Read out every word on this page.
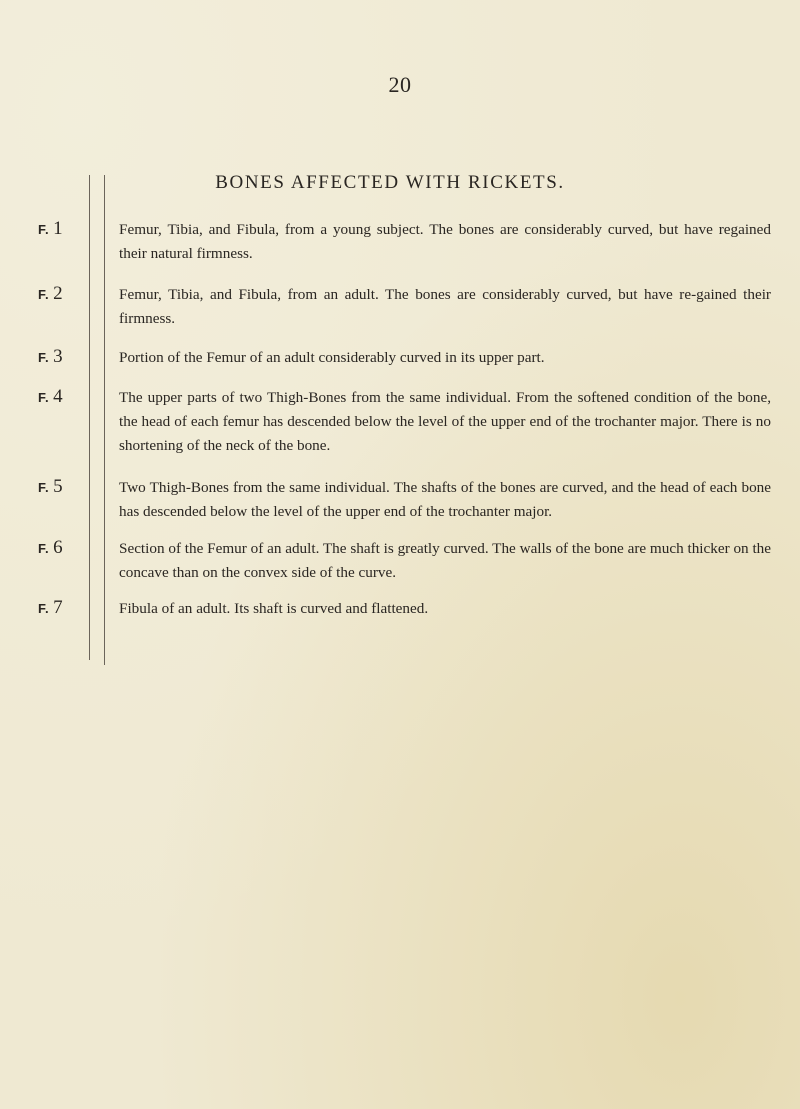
20
BONES AFFECTED WITH RICKETS.
F. 1	Femur, Tibia, and Fibula, from a young subject. The bones are considerably curved, but have regained their natural firmness.
F. 2	Femur, Tibia, and Fibula, from an adult. The bones are considerably curved, but have re-gained their firmness.
F. 3	Portion of the Femur of an adult considerably curved in its upper part.
F. 4	The upper parts of two Thigh-Bones from the same individual. From the softened condition of the bone, the head of each femur has descended below the level of the upper end of the trochanter major. There is no shortening of the neck of the bone.
F. 5	Two Thigh-Bones from the same individual. The shafts of the bones are curved, and the head of each bone has descended below the level of the upper end of the trochanter major.
F. 6	Section of the Femur of an adult. The shaft is greatly curved. The walls of the bone are much thicker on the concave than on the convex side of the curve.
F. 7	Fibula of an adult. Its shaft is curved and flattened.
